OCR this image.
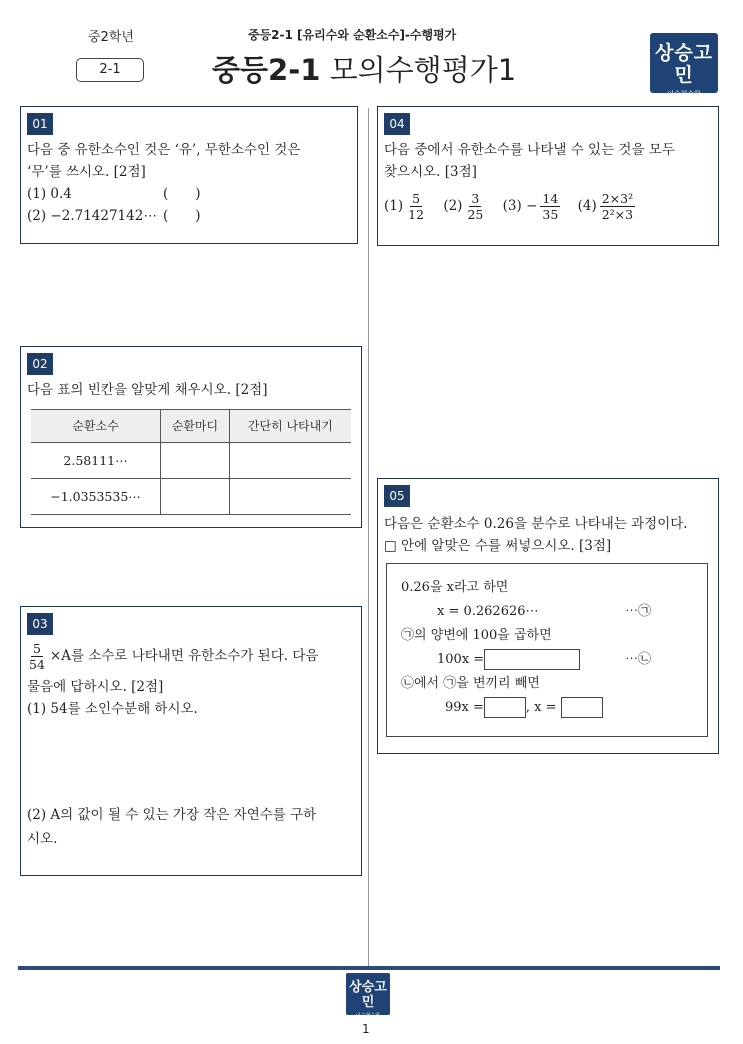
중2학년	중등2-1 [유리수와 순환소수]-수행평가
2-1	중등2-1 모의수행평가1	상승고민
이승현수학
01
다음 중 유한소수인 것은 ‘유’, 무한소수인 것은
‘무’를 쓰시오. [2점]
(1) 0.4	(　　)
(2) −2.71427142⋯ (　　)
02
다음 표의 빈칸을 알맞게 채우시오. [2점]
순환소수	순환마디	간단히 나타내기
2.58111⋯		
−1.0353535⋯		
03
$\frac{5}{54} \times A$를 소수로 나타내면 유한소수가 된다. 다음
물음에 답하시오. [2점]
(1) 54를 소인수분해 하시오.
(2) A의 값이 될 수 있는 가장 작은 자연수를 구하
시오.
04
다음 중에서 유한소수를 나타낼 수 있는 것을 모두
찾으시오. [3점]
$(1) \frac{5}{12} (2) \frac{3}{25} (3) - \frac{14}{35} (4) \frac{\text{2×3²}}{\text{2²×3}}$
05
다음은 순환소수 0.26을 분수로 나타내는 과정이다.
□ 안에 알맞은 수를 써넣으시오. [3점]
0.26을 x라고 하면
x = 0.262626⋯	⋯㉠
㉠의 양변에 100을 곱하면
100x =	⋯㉡
㉡에서 ㉠을 변끼리 빼면
99x =	, x =
상승고민
이승현수학
1
